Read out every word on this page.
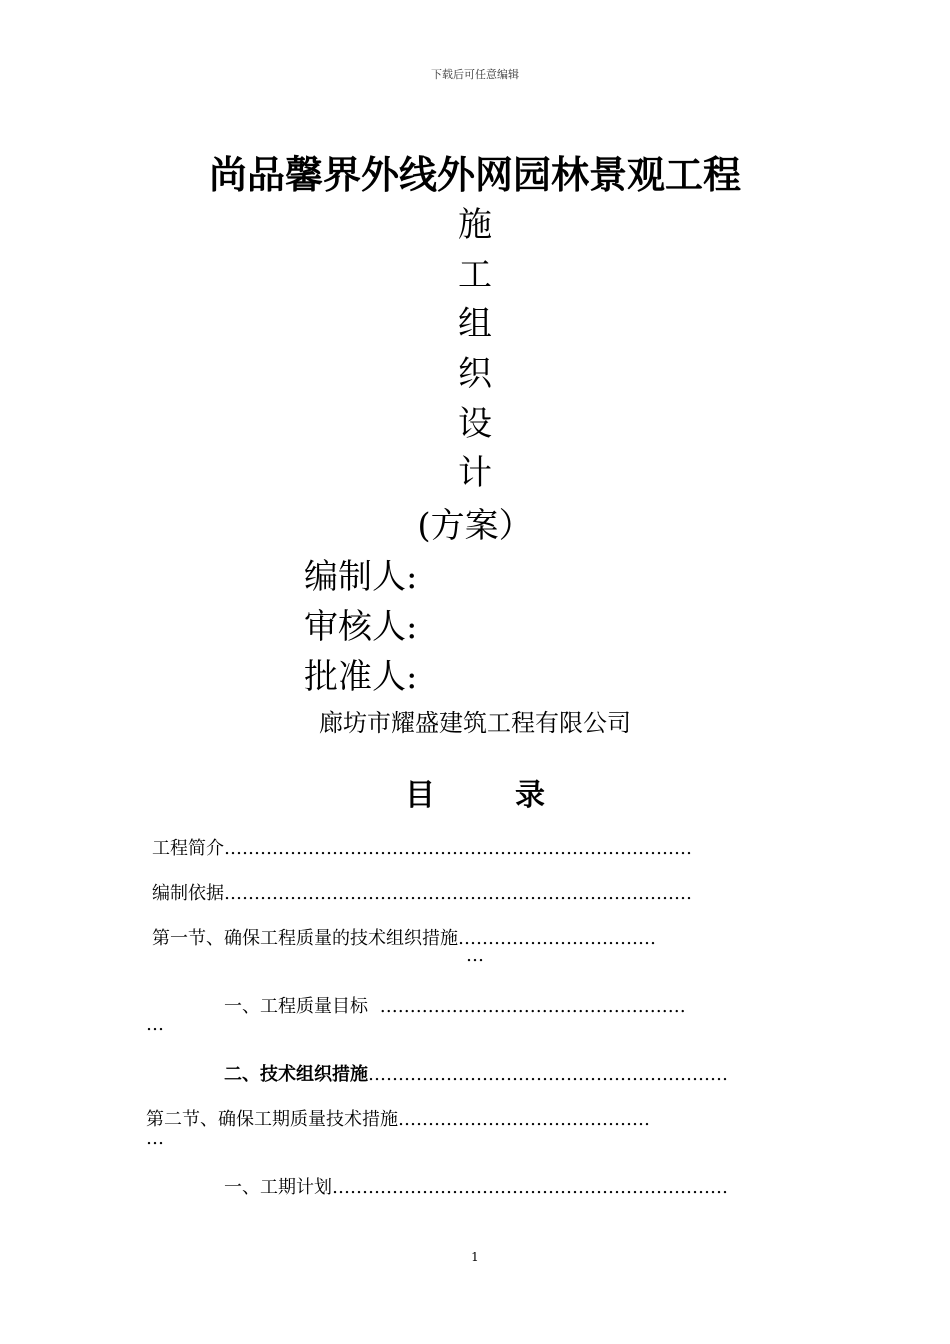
下载后可任意编辑
尚品馨界外线外网园林景观工程
施
工
组
织
设
计
(方案）
编制人:
审核人:
批准人:
廊坊市耀盛建筑工程有限公司
目	录
工程简介……………………………………………………………………
编制依据……………………………………………………………………
第一节、确保工程质量的技术组织措施……………………………
…
一、工程质量目标 ……………………………………………
…
二、技术组织措施……………………………………………………
第二节、确保工期质量技术措施……………………………………
…
一、工期计划…………………………………………………………
1
